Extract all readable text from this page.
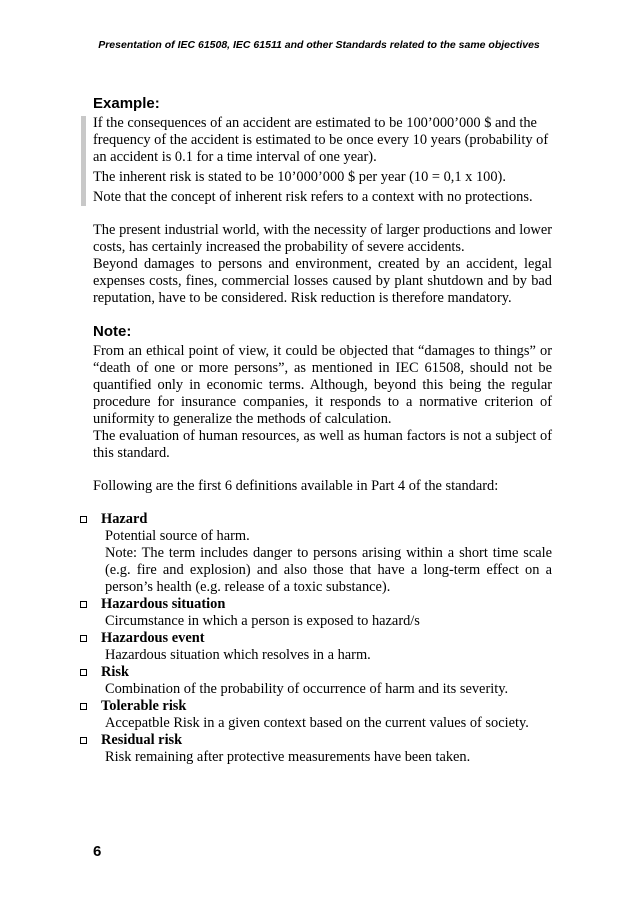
Presentation of IEC 61508, IEC 61511 and other Standards related to the same objectives
Example:

If the consequences of an accident are estimated to be 100’000’000 $ and the frequency of the accident is estimated to be once every 10 years (probability of an accident is 0.1 for a time interval of one year).

The inherent risk is stated to be 10’000’000 $ per year (10 = 0,1 x 100).

Note that the concept of inherent risk refers to a context with no protections.

The present industrial world, with the necessity of larger productions and lower costs, has certainly increased the probability of severe accidents.

Beyond damages to persons and environment, created by an accident, legal expenses costs, fines, commercial losses caused by plant shutdown and by bad reputation, have to be considered. Risk reduction is therefore mandatory.

Note:

From an ethical point of view, it could be objected that “damages to things” or “death of one or more persons”, as mentioned in IEC 61508, should not be quantified only in economic terms. Although, beyond this being the regular procedure for insurance companies, it responds to a normative criterion of uniformity to generalize the methods of calculation.

The evaluation of human resources, as well as human factors is not a subject of this standard.

Following are the first 6 definitions available in Part 4 of the standard:

Hazard
Potential source of harm.
Note: The term includes danger to persons arising within a short time scale (e.g. fire and explosion) and also those that have a long-term effect on a person’s health (e.g. release of a toxic substance).
Hazardous situation
Circumstance in which a person is exposed to hazard/s
Hazardous event
Hazardous situation which resolves in a harm.
Risk
Combination of the probability of occurrence of harm and its severity.
Tolerable risk
Accepatble Risk in a given context based on the current values of society.
Residual risk
Risk remaining after protective measurements have been taken.
6
